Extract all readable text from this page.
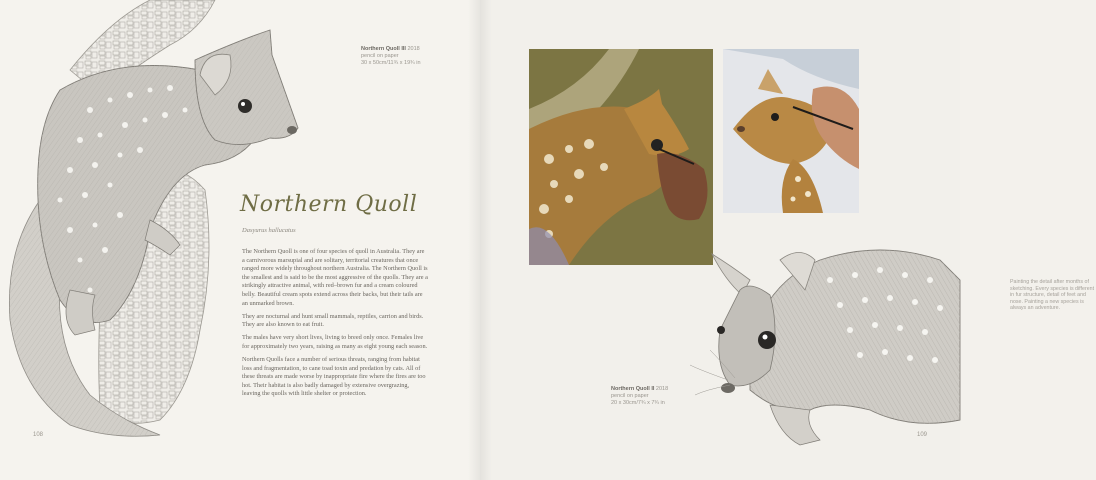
Northern Quoll III 2018
pencil on paper
30 x 50cm/11¾ x 19¾ in
Northern Quoll
Dasyurus hallucatus

The Northern Quoll is one of four species of quoll in Australia. They are a carnivorous marsupial and are solitary, territorial creatures that once ranged more widely throughout northern Australia. The Northern Quoll is the smallest and is said to be the most aggressive of the quolls. They are a strikingly attractive animal, with red–brown fur and a cream coloured belly. Beautiful cream spots extend across their backs, but their tails are an unmarked brown.

They are nocturnal and hunt small mammals, reptiles, carrion and birds. They are also known to eat fruit.

The males have very short lives, living to breed only once. Females live for approximately two years, raising as many as eight young each season.

Northern Quolls face a number of serious threats, ranging from habitat loss and fragmentation, to cane toad toxin and predation by cats. All of these threats are made worse by inappropriate fire where the fires are too hot. Their habitat is also badly damaged by extensive overgrazing, leaving the quolls with little shelter or protection.

108
Painting the detail after months of sketching. Every species is different in fur structure, detail of feet and nose. Painting a new species is always an adventure.
Northern Quoll II 2018
pencil on paper
20 x 30cm/7¾ x 7¾ in
109
